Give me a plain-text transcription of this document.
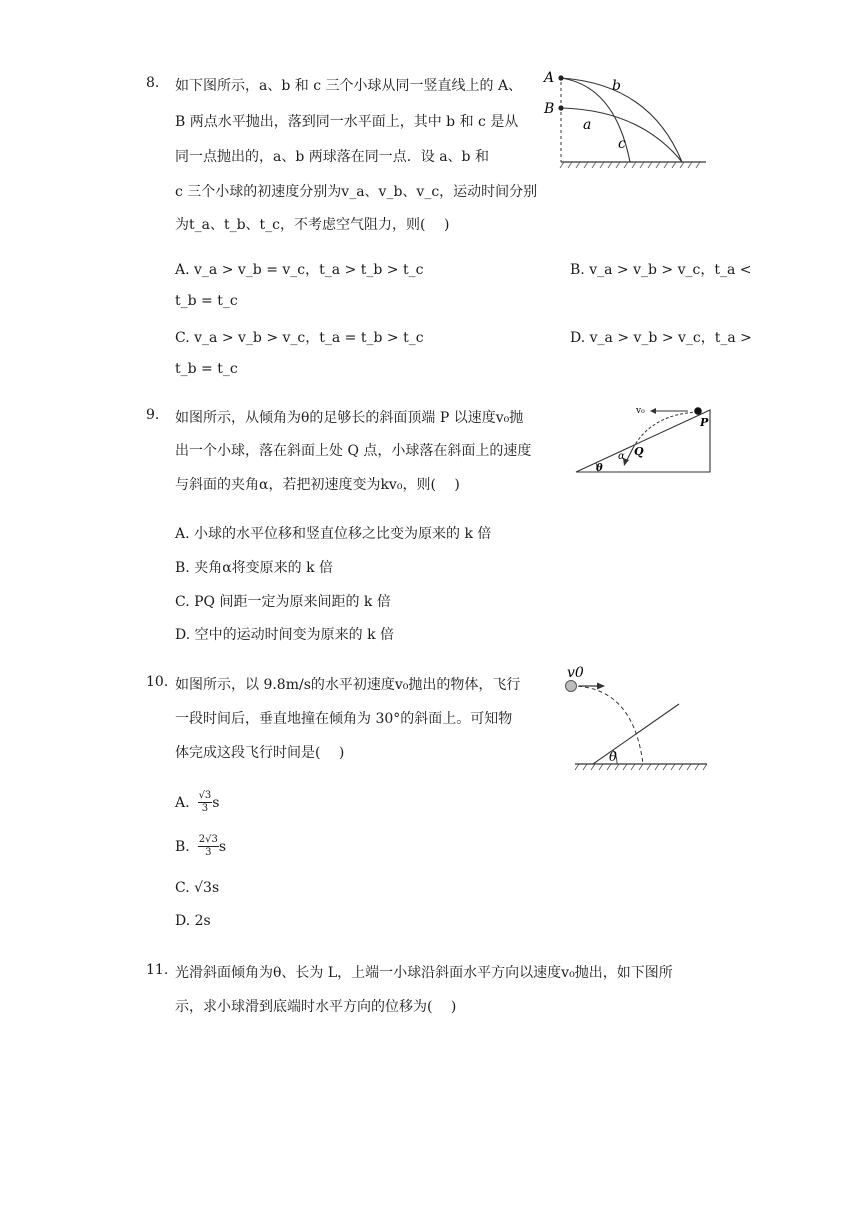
8. 如下图所示，a、b 和 c 三个小球从同一竖直线上的 A、
B 两点水平抛出，落到同一水平面上，其中 b 和 c 是从
同一点抛出的，a、b 两球落在同一点．设 a、b 和
c 三个小球的初速度分别为v_a、v_b、v_c，运动时间分别
为t_a、t_b、t_c，不考虑空气阻力，则(　 )
A. v_a > v_b = v_c，t_a > t_b > t_c	B. v_a > v_b > v_c，t_a <
t_b = t_c
C. v_a > v_b > v_c，t_a = t_b > t_c	D. v_a > v_b > v_c，t_a >
t_b = t_c
A
B
b
a
c
9. 如图所示，从倾角为θ的足够长的斜面顶端 P 以速度v₀抛
出一个小球，落在斜面上处 Q 点，小球落在斜面上的速度
与斜面的夹角α，若把初速度变为kv₀，则(　 )
A. 小球的水平位移和竖直位移之比变为原来的 k 倍
B. 夹角α将变原来的 k 倍
C. PQ 间距一定为原来间距的 k 倍
D. 空中的运动时间变为原来的 k 倍
v₀
P
Q
α
θ
10. 如图所示，以 9.8m/s的水平初速度v₀抛出的物体，飞行
一段时间后，垂直地撞在倾角为 30°的斜面上。可知物
体完成这段飞行时间是(　 )
A. $\frac{√3}{3}$ s
B. $\frac{2√3}{3}$ s
C. √3s
D. 2s
v0
θ
11. 光滑斜面倾角为θ、长为 L，上端一小球沿斜面水平方向以速度v₀抛出，如下图所
示，求小球滑到底端时水平方向的位移为(　 )
